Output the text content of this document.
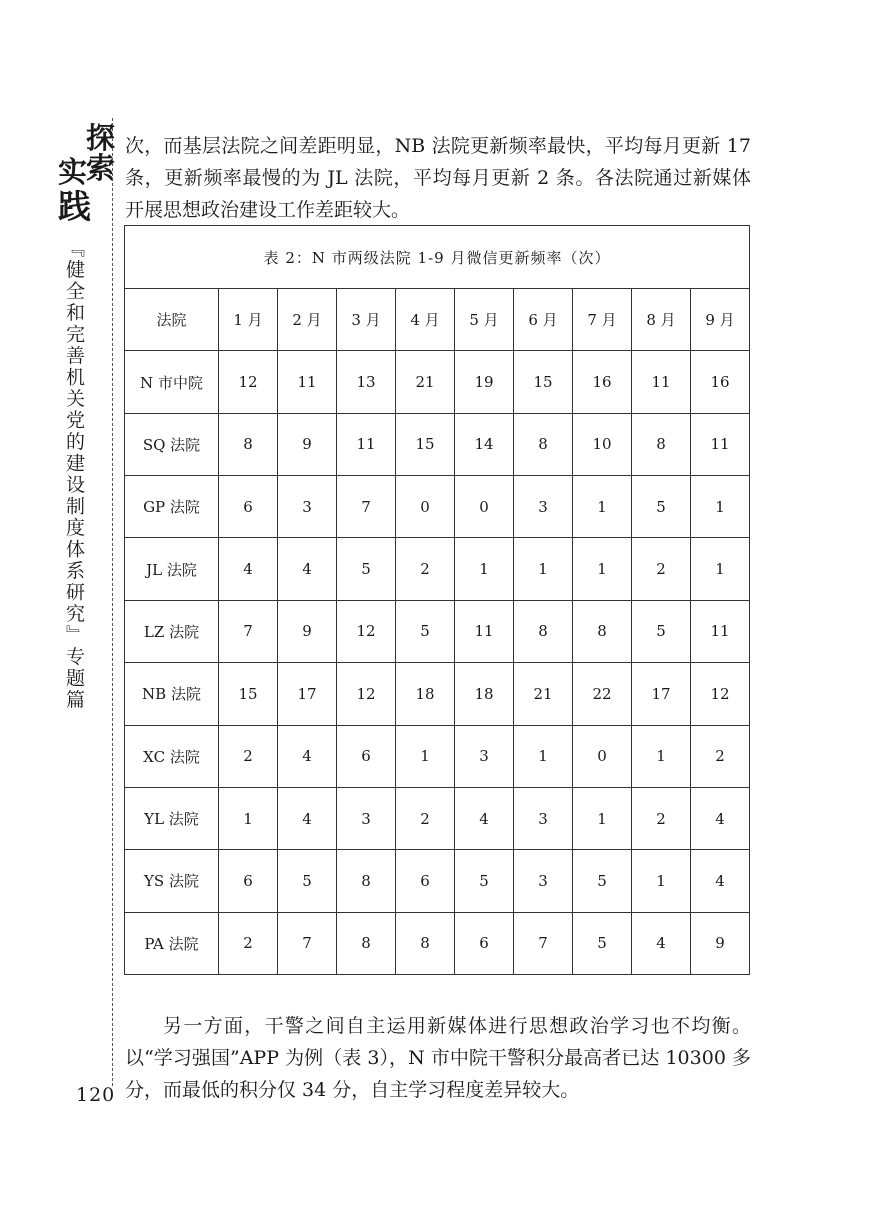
探
索
实
践
『健全和完善机关党的建设制度体系研究』专题篇
120
次，而基层法院之间差距明显，NB 法院更新频率最快，平均每月更新 17 条，更新频率最慢的为 JL 法院，平均每月更新 2 条。各法院通过新媒体开展思想政治建设工作差距较大。
表 2：N 市两级法院 1-9 月微信更新频率（次）									
法院	1 月	2 月	3 月	4 月	5 月	6 月	7 月	8 月	9 月
N 市中院	12	11	13	21	19	15	16	11	16
SQ 法院	8	9	11	15	14	8	10	8	11
GP 法院	6	3	7	0	0	3	1	5	1
JL 法院	4	4	5	2	1	1	1	2	1
LZ 法院	7	9	12	5	11	8	8	5	11
NB 法院	15	17	12	18	18	21	22	17	12
XC 法院	2	4	6	1	3	1	0	1	2
YL 法院	1	4	3	2	4	3	1	2	4
YS 法院	6	5	8	6	5	3	5	1	4
PA 法院	2	7	8	8	6	7	5	4	9
另一方面，干警之间自主运用新媒体进行思想政治学习也不均衡。以“学习强国”APP 为例（表 3），N 市中院干警积分最高者已达 10300 多分，而最低的积分仅 34 分，自主学习程度差异较大。
